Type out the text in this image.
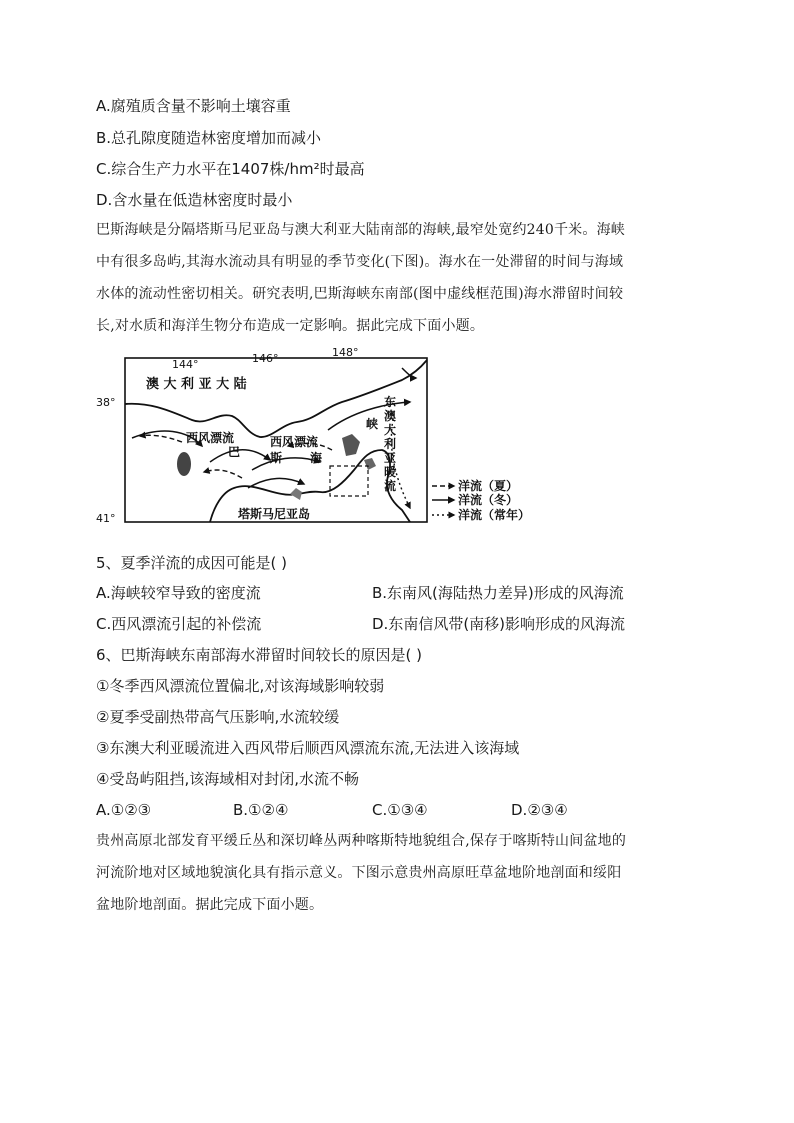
A.腐殖质含量不影响土壤容重
B.总孔隙度随造林密度增加而减小
C.综合生产力水平在1407株/hm²时最高
D.含水量在低造林密度时最小
巴斯海峡是分隔塔斯马尼亚岛与澳大利亚大陆南部的海峡,最窄处宽约240千米。海峡
中有很多岛屿,其海水流动具有明显的季节变化(下图)。海水在一处滞留的时间与海域
水体的流动性密切相关。研究表明,巴斯海峡东南部(图中虚线框范围)海水滞留时间较
长,对水质和海洋生物分布造成一定影响。据此完成下面小题。
144°	146°	148°
38°
41°
澳 大 利 亚 大 陆
西风漂流	西风漂流
巴 斯 海
峡
东
澳
大
利
亚
暖
流
塔斯马尼亚岛
洋流（夏）
洋流（冬）
洋流（常年）
5、夏季洋流的成因可能是( )
A.海峡较窄导致的密度流	B.东南风(海陆热力差异)形成的风海流
C.西风漂流引起的补偿流	D.东南信风带(南移)影响形成的风海流
6、巴斯海峡东南部海水滞留时间较长的原因是( )
①冬季西风漂流位置偏北,对该海域影响较弱
②夏季受副热带高气压影响,水流较缓
③东澳大利亚暖流进入西风带后顺西风漂流东流,无法进入该海域
④受岛屿阻挡,该海域相对封闭,水流不畅
A.①②③	B.①②④	C.①③④	D.②③④
贵州高原北部发育平缓丘丛和深切峰丛两种喀斯特地貌组合,保存于喀斯特山间盆地的
河流阶地对区域地貌演化具有指示意义。下图示意贵州高原旺草盆地阶地剖面和绥阳
盆地阶地剖面。据此完成下面小题。
